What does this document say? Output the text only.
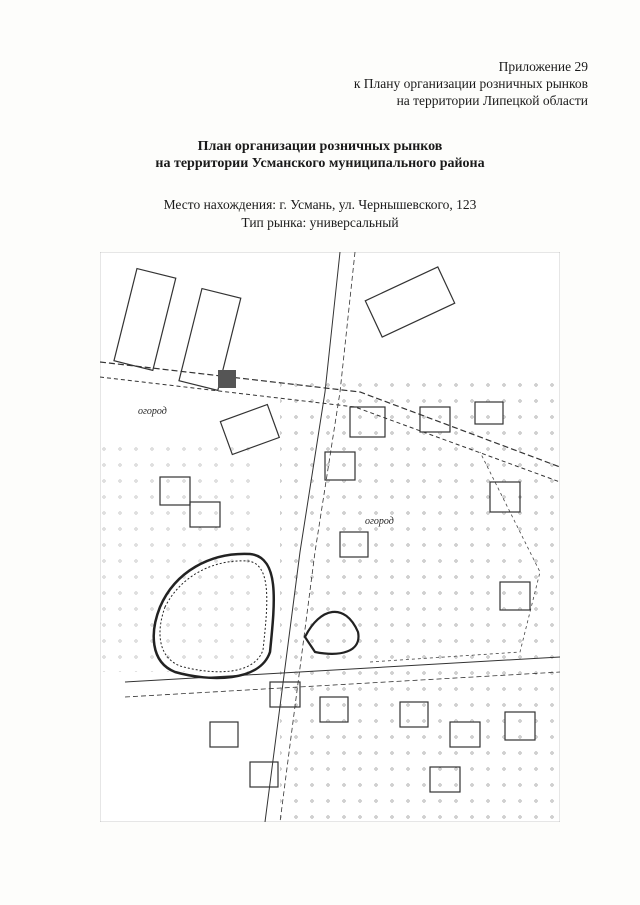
Приложение 29
к Плану организации розничных рынков
на территории Липецкой области
План организации розничных рынков
на территории Усманского муниципального района
Место нахождения: г. Усмань, ул. Чернышевского, 123
Тип рынка: универсальный
огород
огород
